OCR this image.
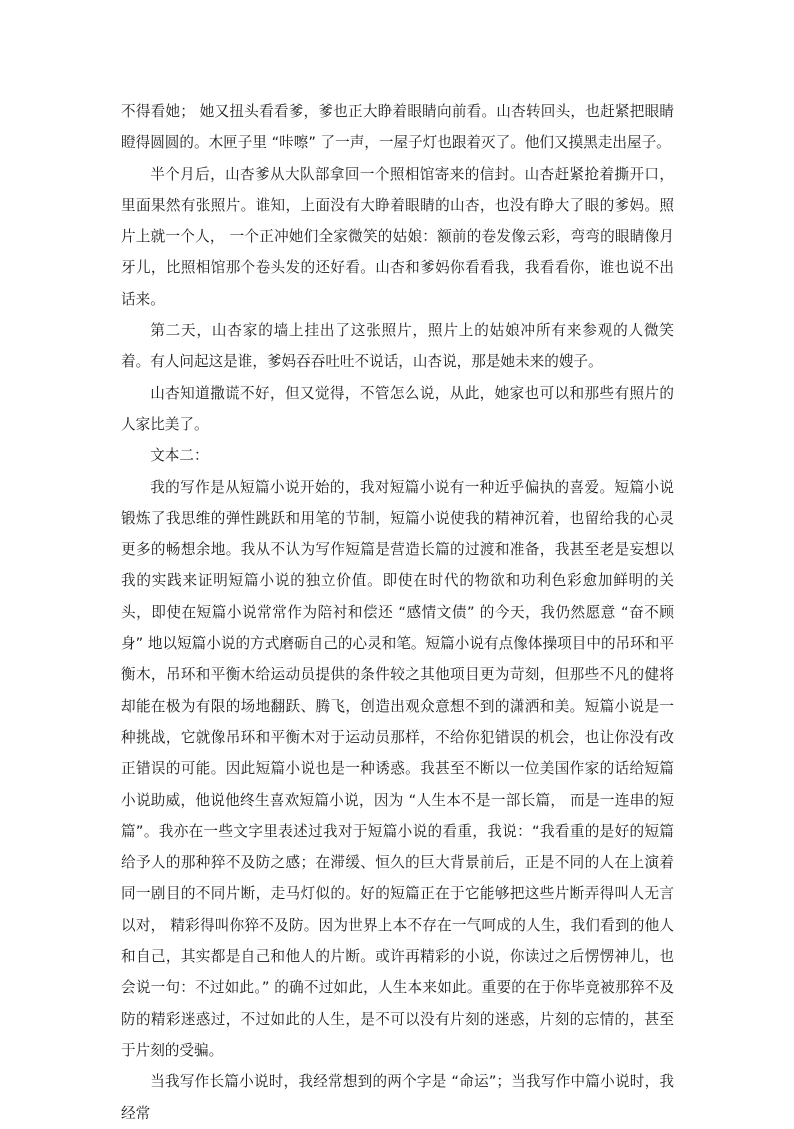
不得看她； 她又扭头看看爹，爹也正大睁着眼睛向前看。山杏转回头，也赶紧把眼睛瞪得圆圆的。木匣子里 “咔嚓” 了一声，一屋子灯也跟着灭了。他们又摸黑走出屋子。

半个月后，山杏爹从大队部拿回一个照相馆寄来的信封。山杏赶紧抢着撕开口，里面果然有张照片。谁知，上面没有大睁着眼睛的山杏，也没有睁大了眼的爹妈。照片上就一个人， 一个正冲她们全家微笑的姑娘：额前的卷发像云彩，弯弯的眼睛像月牙儿，比照相馆那个卷头发的还好看。山杏和爹妈你看看我，我看看你，谁也说不出话来。

第二天，山杏家的墙上挂出了这张照片，照片上的姑娘冲所有来参观的人微笑着。有人问起这是谁，爹妈吞吞吐吐不说话，山杏说，那是她未来的嫂子。

山杏知道撒谎不好，但又觉得，不管怎么说，从此，她家也可以和那些有照片的人家比美了。

文本二：

我的写作是从短篇小说开始的，我对短篇小说有一种近乎偏执的喜爱。短篇小说锻炼了我思维的弹性跳跃和用笔的节制，短篇小说使我的精神沉着，也留给我的心灵更多的畅想余地。我从不认为写作短篇是营造长篇的过渡和准备，我甚至老是妄想以我的实践来证明短篇小说的独立价值。即使在时代的物欲和功利色彩愈加鲜明的关头，即使在短篇小说常常作为陪衬和偿还 “感情文债” 的今天，我仍然愿意 “奋不顾身” 地以短篇小说的方式磨砺自己的心灵和笔。短篇小说有点像体操项目中的吊环和平衡木，吊环和平衡木给运动员提供的条件较之其他项目更为苛刻，但那些不凡的健将却能在极为有限的场地翻跃、腾飞，创造出观众意想不到的潇洒和美。短篇小说是一种挑战，它就像吊环和平衡木对于运动员那样，不给你犯错误的机会，也让你没有改正错误的可能。因此短篇小说也是一种诱惑。我甚至不断以一位美国作家的话给短篇小说助威，他说他终生喜欢短篇小说，因为 “人生本不是一部长篇， 而是一连串的短篇”。我亦在一些文字里表述过我对于短篇小说的看重，我说：“我看重的是好的短篇给予人的那种猝不及防之感；在滞缓、恒久的巨大背景前后，正是不同的人在上演着同一剧目的不同片断，走马灯似的。好的短篇正在于它能够把这些片断弄得叫人无言以对， 精彩得叫你猝不及防。因为世界上本不存在一气呵成的人生，我们看到的他人和自己，其实都是自己和他人的片断。或许再精彩的小说，你读过之后愣愣神儿，也会说一句：不过如此。” 的确不过如此，人生本来如此。重要的在于你毕竟被那猝不及防的精彩迷惑过，不过如此的人生，是不可以没有片刻的迷惑，片刻的忘情的，甚至于片刻的受骗。

当我写作长篇小说时，我经常想到的两个字是 “命运”；当我写作中篇小说时，我经常
